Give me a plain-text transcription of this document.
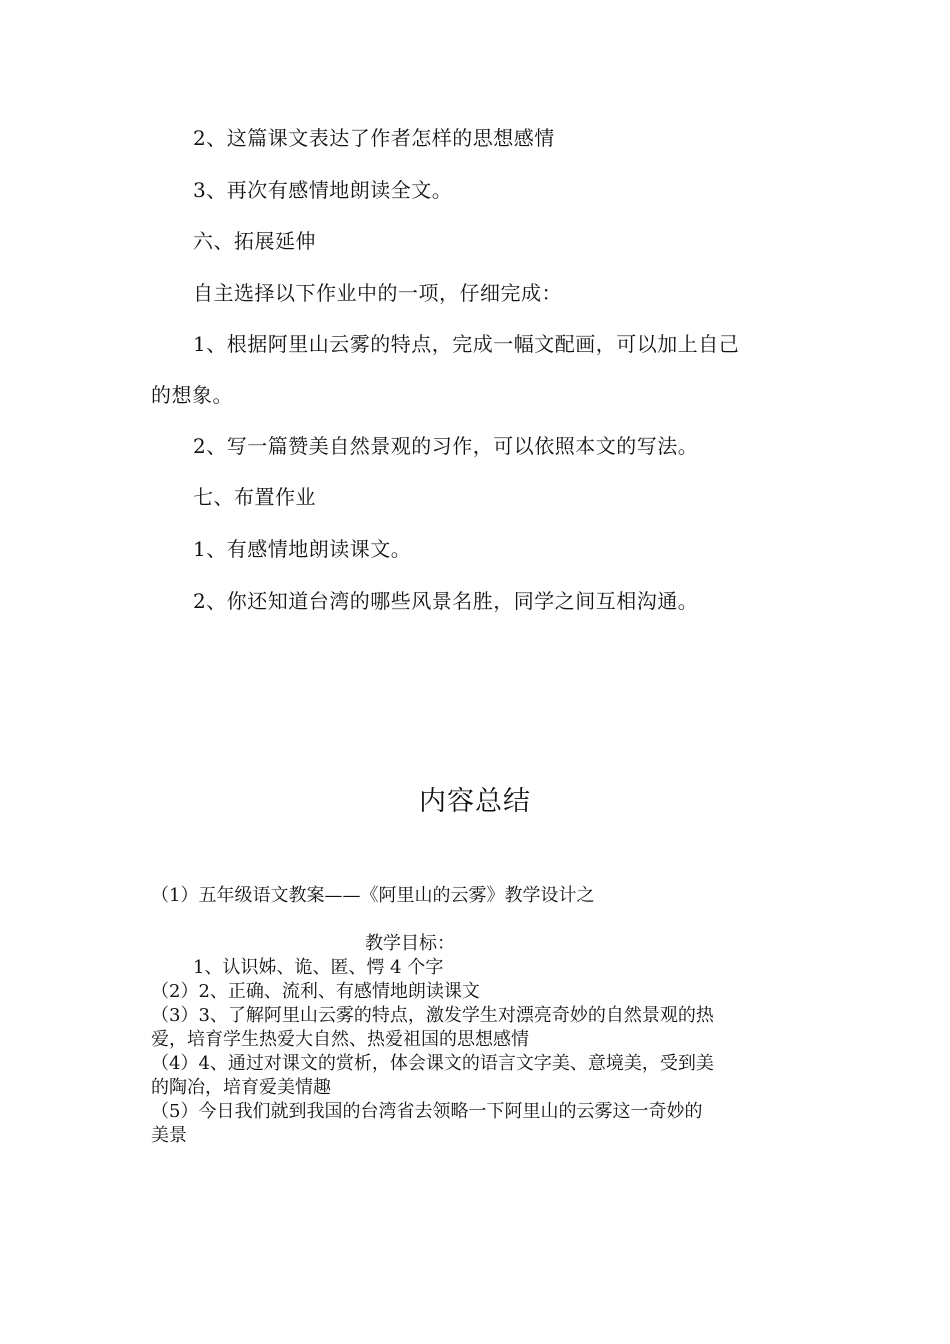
2、这篇课文表达了作者怎样的思想感情
3、再次有感情地朗读全文。
六、拓展延伸
自主选择以下作业中的一项，仔细完成：
1、根据阿里山云雾的特点，完成一幅文配画，可以加上自己
的想象。
2、写一篇赞美自然景观的习作，可以依照本文的写法。
七、布置作业
1、有感情地朗读课文。
2、你还知道台湾的哪些风景名胜，同学之间互相沟通。
内容总结
（1）五年级语文教案——《阿里山的云雾》教学设计之
教学目标：
1、认识姊、诡、匿、愕 4 个字
（2）2、正确、流利、有感情地朗读课文
（3）3、了解阿里山云雾的特点，激发学生对漂亮奇妙的自然景观的热
爱，培育学生热爱大自然、热爱祖国的思想感情
（4）4、通过对课文的赏析，体会课文的语言文字美、意境美，受到美
的陶冶，培育爱美情趣
（5）今日我们就到我国的台湾省去领略一下阿里山的云雾这一奇妙的
美景
